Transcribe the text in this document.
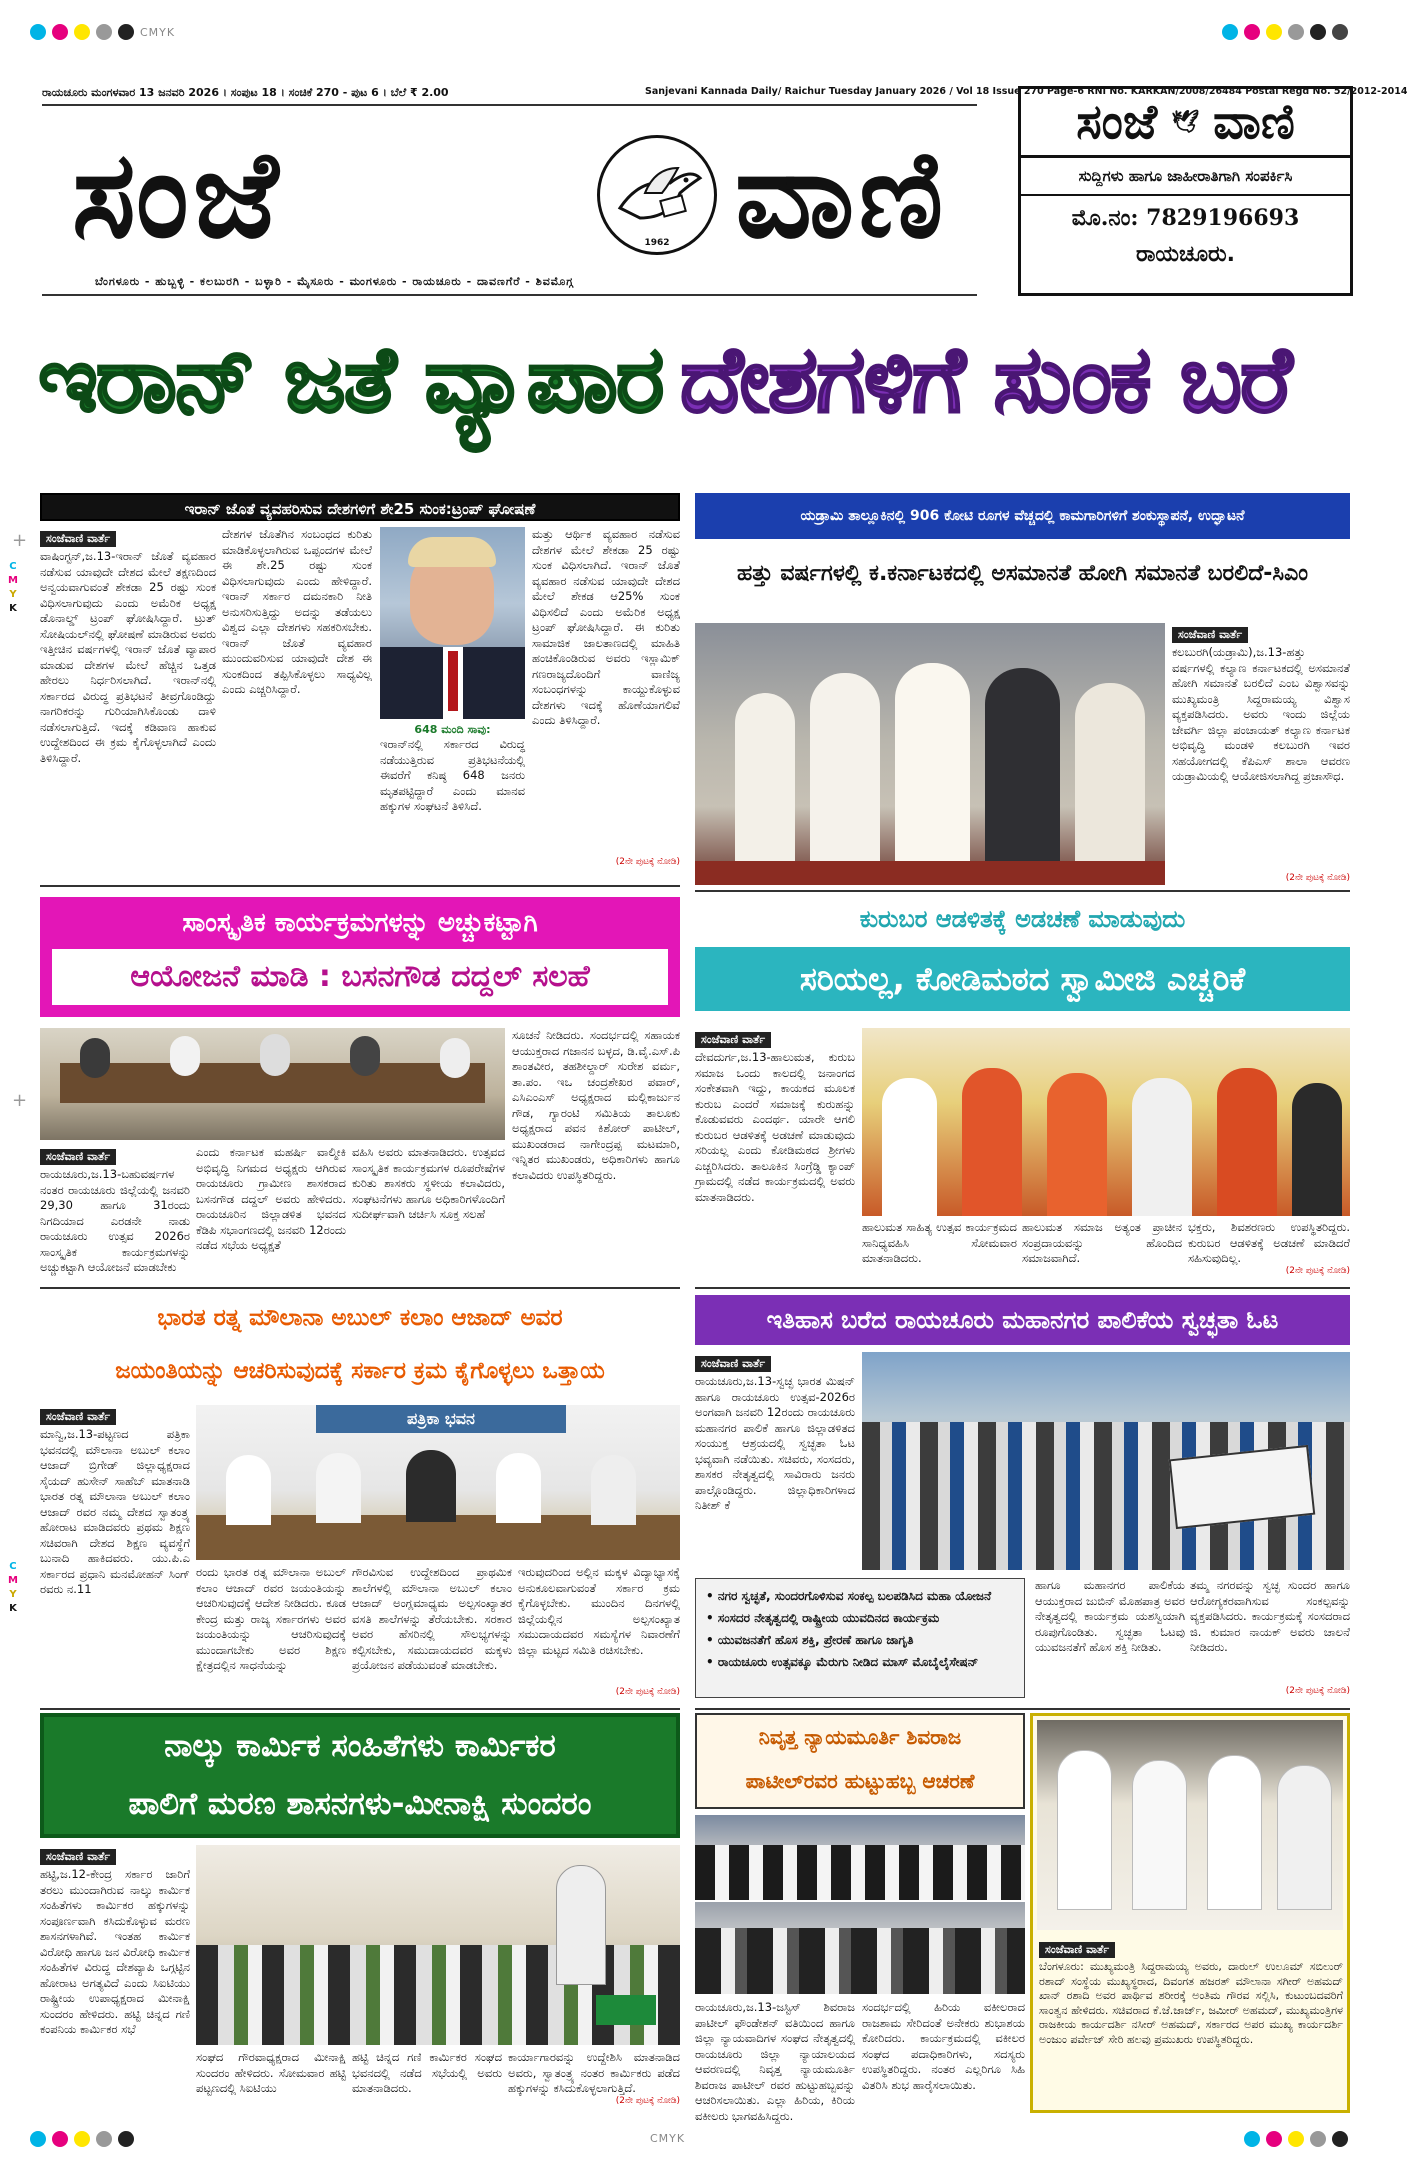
CMYK
CMYK
C
M
Y
K
C
M
Y
K
ರಾಯಚೂರು ಮಂಗಳವಾರ 13 ಜನವರಿ 2026 । ಸಂಪುಟ 18 । ಸಂಚಿಕೆ 270 - ಪುಟ 6 । ಬೆಲೆ ₹ 2.00	Sanjevani Kannada Daily/ Raichur Tuesday January 2026 / Vol 18 Issue 270 Page-6 RNI No. KARKAN/2008/26484 Postal Regd No. 52/2012-2014
ಸಂಜೆ	1962 ವಾಣಿ
ಬೆಂಗಳೂರು - ಹುಬ್ಬಳ್ಳಿ - ಕಲಬುರಗಿ - ಬಳ್ಳಾರಿ - ಮೈಸೂರು - ಮಂಗಳೂರು - ರಾಯಚೂರು - ದಾವಣಗೆರೆ - ಶಿವಮೊಗ್ಗ
ಸಂಜೆ 🕊 ವಾಣಿ
ಸುದ್ದಿಗಳು ಹಾಗೂ ಜಾಹೀರಾತಿಗಾಗಿ ಸಂಪರ್ಕಿಸಿ
ಮೊ.ನಂ: 7829196693
ರಾಯಚೂರು.
ಇರಾನ್ ಜತೆ ವ್ಯಾಪಾರ ದೇಶಗಳಿಗೆ ಸುಂಕ ಬರೆ
ಇರಾನ್ ಜೊತೆ ವ್ಯವಹರಿಸುವ ದೇಶಗಳಿಗೆ ಶೇ25 ಸುಂಕ:ಟ್ರಂಪ್ ಘೋಷಣೆ
ಸಂಜೆವಾಣಿ ವಾರ್ತೆ
ವಾಷಿಂಗ್ಟನ್,ಜ.13-ಇರಾನ್ ಜೊತೆ ವ್ಯವಹಾರ ನಡೆಸುವ ಯಾವುದೇ ದೇಶದ ಮೇಲೆ ತಕ್ಷಣದಿಂದ ಅನ್ವಯವಾಗುವಂತೆ ಶೇಕಡಾ 25 ರಷ್ಟು ಸುಂಕ ವಿಧಿಸಲಾಗುವುದು ಎಂದು ಅಮೆರಿಕ ಅಧ್ಯಕ್ಷ ಡೊನಾಲ್ಡ್ ಟ್ರಂಪ್ ಘೋಷಿಸಿದ್ದಾರೆ. ಟ್ರುತ್ ಸೋಷಿಯಲ್‌ನಲ್ಲಿ ಘೋಷಣೆ ಮಾಡಿರುವ ಅವರು ಇತ್ತೀಚಿನ ವರ್ಷಗಳಲ್ಲಿ ಇರಾನ್ ಜೊತೆ ವ್ಯಾಪಾರ ಮಾಡುವ ದೇಶಗಳ ಮೇಲೆ ಹೆಚ್ಚಿನ ಒತ್ತಡ ಹೇರಲು ನಿರ್ಧರಿಸಲಾಗಿದೆ. ಇರಾನ್‌ನಲ್ಲಿ ಸರ್ಕಾರದ ವಿರುದ್ಧ ಪ್ರತಿಭಟನೆ ತೀವ್ರಗೊಂಡಿದ್ದು ನಾಗರಿಕರನ್ನು ಗುರಿಯಾಗಿಸಿಕೊಂಡು ದಾಳಿ ನಡೆಸಲಾಗುತ್ತಿದೆ. ಇದಕ್ಕೆ ಕಡಿವಾಣ ಹಾಕುವ ಉದ್ದೇಶದಿಂದ ಈ ಕ್ರಮ ಕೈಗೊಳ್ಳಲಾಗಿದೆ ಎಂದು ತಿಳಿಸಿದ್ದಾರೆ.
ದೇಶಗಳ ಜೊತೆಗಿನ ಸಂಬಂಧದ ಕುರಿತು ಮಾಡಿಕೊಳ್ಳಲಾಗಿರುವ ಒಪ್ಪಂದಗಳ ಮೇಲೆ ಈ ಶೇ.25 ರಷ್ಟು ಸುಂಕ ವಿಧಿಸಲಾಗುವುದು ಎಂದು ಹೇಳಿದ್ದಾರೆ. ಇರಾನ್ ಸರ್ಕಾರ ದಮನಕಾರಿ ನೀತಿ ಅನುಸರಿಸುತ್ತಿದ್ದು ಅದನ್ನು ತಡೆಯಲು ವಿಶ್ವದ ಎಲ್ಲಾ ದೇಶಗಳು ಸಹಕರಿಸಬೇಕು. ಇರಾನ್ ಜೊತೆ ವ್ಯವಹಾರ ಮುಂದುವರಿಸುವ ಯಾವುದೇ ದೇಶ ಈ ಸುಂಕದಿಂದ ತಪ್ಪಿಸಿಕೊಳ್ಳಲು ಸಾಧ್ಯವಿಲ್ಲ ಎಂದು ಎಚ್ಚರಿಸಿದ್ದಾರೆ.
648 ಮಂದಿ ಸಾವು:
ಇರಾನ್‌ನಲ್ಲಿ ಸರ್ಕಾರದ ವಿರುದ್ಧ ನಡೆಯುತ್ತಿರುವ ಪ್ರತಿಭಟನೆಯಲ್ಲಿ ಈವರೆಗೆ ಕನಿಷ್ಠ 648 ಜನರು ಮೃತಪಟ್ಟಿದ್ದಾರೆ ಎಂದು ಮಾನವ ಹಕ್ಕುಗಳ ಸಂಘಟನೆ ತಿಳಿಸಿದೆ.
ಮತ್ತು ಆರ್ಥಿಕ ವ್ಯವಹಾರ ನಡೆಸುವ ದೇಶಗಳ ಮೇಲೆ ಶೇಕಡಾ 25 ರಷ್ಟು ಸುಂಕ ವಿಧಿಸಲಾಗಿದೆ. ಇರಾನ್ ಜೊತೆ ವ್ಯವಹಾರ ನಡೆಸುವ ಯಾವುದೇ ದೇಶದ ಮೇಲೆ ಶೇಕಡ ಆ25% ಸುಂಕ ವಿಧಿಸಲಿದೆ ಎಂದು ಅಮೆರಿಕ ಅಧ್ಯಕ್ಷ ಟ್ರಂಪ್ ಘೋಷಿಸಿದ್ದಾರೆ. ಈ ಕುರಿತು ಸಾಮಾಜಿಕ ಜಾಲತಾಣದಲ್ಲಿ ಮಾಹಿತಿ ಹಂಚಿಕೊಂಡಿರುವ ಅವರು ಇಸ್ಲಾಮಿಕ್ ಗಣರಾಜ್ಯದೊಂದಿಗೆ ವಾಣಿಜ್ಯ ಸಂಬಂಧಗಳನ್ನು ಕಾಯ್ದುಕೊಳ್ಳುವ ದೇಶಗಳು ಇದಕ್ಕೆ ಹೊಣೆಯಾಗಲಿವೆ ಎಂದು ತಿಳಿಸಿದ್ದಾರೆ.
(2ನೇ ಪುಟಕ್ಕೆ ನೋಡಿ)
ಯಡ್ರಾಮಿ ತಾಲ್ಲೂಕಿನಲ್ಲಿ 906 ಕೋಟಿ ರೂಗಳ ವೆಚ್ಚದಲ್ಲಿ ಕಾಮಗಾರಿಗಳಿಗೆ ಶಂಕುಸ್ಥಾಪನೆ, ಉದ್ಘಾಟನೆ
ಹತ್ತು ವರ್ಷಗಳಲ್ಲಿ ಕ.ಕರ್ನಾಟಕದಲ್ಲಿ ಅಸಮಾನತೆ ಹೋಗಿ ಸಮಾನತೆ ಬರಲಿದೆ-ಸಿಎಂ
ಸಂಜೆವಾಣಿ ವಾರ್ತೆ
ಕಲಬುರಗಿ(ಯಡ್ರಾಮಿ),ಜ.13-ಹತ್ತು ವರ್ಷಗಳಲ್ಲಿ ಕಲ್ಯಾಣ ಕರ್ನಾಟಕದಲ್ಲಿ ಅಸಮಾನತೆ ಹೋಗಿ ಸಮಾನತೆ ಬರಲಿದೆ ಎಂಬ ವಿಶ್ವಾಸವನ್ನು ಮುಖ್ಯಮಂತ್ರಿ ಸಿದ್ದರಾಮಯ್ಯ ವಿಶ್ವಾಸ ವ್ಯಕ್ತಪಡಿಸಿದರು. ಅವರು ಇಂದು ಜಿಲ್ಲೆಯ ಜೇವರ್ಗಿ ಜಿಲ್ಲಾ ಪಂಚಾಯತ್ ಕಲ್ಯಾಣ ಕರ್ನಾಟಕ ಅಭಿವೃದ್ಧಿ ಮಂಡಳಿ ಕಲಬುರಗಿ ಇವರ ಸಹಯೋಗದಲ್ಲಿ ಕೆಪಿಎಸ್ ಶಾಲಾ ಆವರಣ ಯಡ್ರಾಮಿಯಲ್ಲಿ ಆಯೋಜಿಸಲಾಗಿದ್ದ ಪ್ರಜಾಸೌಧ.
(2ನೇ ಪುಟಕ್ಕೆ ನೋಡಿ)
ಸಾಂಸ್ಕೃತಿಕ ಕಾರ್ಯಕ್ರಮಗಳನ್ನು ಅಚ್ಚುಕಟ್ಟಾಗಿ
ಆಯೋಜನೆ ಮಾಡಿ : ಬಸನಗೌಡ ದದ್ದಲ್ ಸಲಹೆ
ಸೂಚನೆ ನೀಡಿದರು. ಸಂದರ್ಭದಲ್ಲಿ ಸಹಾಯಕ ಆಯುಕ್ತರಾದ ಗಜಾನನ ಬಳ್ಳದ, ಡಿ.ವೈ.ಎಸ್.ಪಿ ಶಾಂತವೀರ, ತಹಶೀಲ್ದಾರ್ ಸುರೇಶ ವರ್ಮ, ತಾ.ಪಂ. ಇಒ ಚಂದ್ರಶೇಖರ ಪವಾರ್, ಎಸಿಎಂಎಸ್ ಅಧ್ಯಕ್ಷರಾದ ಮಲ್ಲಿಕಾರ್ಜುನ ಗೌಡ, ಗ್ಯಾರಂಟಿ ಸಮಿತಿಯ ತಾಲೂಕು ಅಧ್ಯಕ್ಷರಾದ ಪವನ ಕಿಶೋರ್ ಪಾಟೀಲ್, ಮುಖಂಡರಾದ ನಾಗೇಂದ್ರಪ್ಪ ಮಟಮಾರಿ, ಇನ್ನಿತರ ಮುಖಂಡರು, ಅಧಿಕಾರಿಗಳು ಹಾಗೂ ಕಲಾವಿದರು ಉಪಸ್ಥಿತರಿದ್ದರು.
ಸಂಜೆವಾಣಿ ವಾರ್ತೆ
ರಾಯಚೂರು,ಜ.13-ಬಹುವರ್ಷಗಳ ನಂತರ ರಾಯಚೂರು ಜಿಲ್ಲೆಯಲ್ಲಿ ಜನವರಿ 29,30 ಹಾಗೂ 31ರಂದು ನಿಗದಿಯಾದ ಎರಡನೇ ನಾಡು ರಾಯಚೂರು ಉತ್ಸವ 2026ರ ಸಾಂಸ್ಕೃತಿಕ ಕಾರ್ಯಕ್ರಮಗಳನ್ನು ಅಚ್ಚುಕಟ್ಟಾಗಿ ಆಯೋಜನೆ ಮಾಡಬೇಕು
ಎಂದು ಕರ್ನಾಟಕ ಮಹರ್ಷಿ ವಾಲ್ಮೀಕಿ ಅಭಿವೃದ್ಧಿ ನಿಗಮದ ಅಧ್ಯಕ್ಷರು ಆಗಿರುವ ರಾಯಚೂರು ಗ್ರಾಮೀಣ ಶಾಸಕರಾದ ಬಸನಗೌಡ ದದ್ದಲ್ ಅವರು ಹೇಳಿದರು. ರಾಯಚೂರಿನ ಜಿಲ್ಲಾಡಳಿತ ಭವನದ ಕೆಡಿಪಿ ಸಭಾಂಗಣದಲ್ಲಿ ಜನವರಿ 12ರಂದು ನಡೆದ ಸಭೆಯ ಅಧ್ಯಕ್ಷತೆ
ವಹಿಸಿ ಅವರು ಮಾತನಾಡಿದರು. ಉತ್ಸವದ ಸಾಂಸ್ಕೃತಿಕ ಕಾರ್ಯಕ್ರಮಗಳ ರೂಪರೇಷೆಗಳ ಕುರಿತು ಶಾಸಕರು ಸ್ಥಳೀಯ ಕಲಾವಿದರು, ಸಂಘಟನೆಗಳು ಹಾಗೂ ಅಧಿಕಾರಿಗಳೊಂದಿಗೆ ಸುದೀರ್ಘವಾಗಿ ಚರ್ಚಿಸಿ ಸೂಕ್ತ ಸಲಹೆ
ಕುರುಬರ ಆಡಳಿತಕ್ಕೆ ಅಡಚಣೆ ಮಾಡುವುದು
ಸರಿಯಲ್ಲ, ಕೋಡಿಮಠದ ಸ್ವಾಮೀಜಿ ಎಚ್ಚರಿಕೆ
ಸಂಜೆವಾಣಿ ವಾರ್ತೆ
ದೇವದುರ್ಗ,ಜ.13-ಹಾಲುಮತ, ಕುರುಬ ಸಮಾಜ ಒಂದು ಕಾಲದಲ್ಲಿ ಜನಾಂಗದ ಸಂಕೇತವಾಗಿ ಇದ್ದು, ಕಾಯಕದ ಮೂಲಕ ಕುರುಬ ಎಂದರೆ ಸಮಾಜಕ್ಕೆ ಕುರುಹನ್ನು ಕೊಡುವವರು ಎಂದರ್ಥ. ಯಾರೇ ಆಗಲಿ ಕುರುಬರ ಆಡಳಿತಕ್ಕೆ ಅಡಚಣೆ ಮಾಡುವುದು ಸರಿಯಲ್ಲ ಎಂದು ಕೋಡಿಮಠದ ಶ್ರೀಗಳು ಎಚ್ಚರಿಸಿದರು. ತಾಲೂಕಿನ ಸಿಂಗ್ರೆಡ್ಡಿ ಕ್ಯಾಂಪ್ ಗ್ರಾಮದಲ್ಲಿ ನಡೆದ ಕಾರ್ಯಕ್ರಮದಲ್ಲಿ ಅವರು ಮಾತನಾಡಿದರು.
ಹಾಲುಮತ ಸಾಹಿತ್ಯ ಉತ್ಸವ ಕಾರ್ಯಕ್ರಮದ ಸಾನಿಧ್ಯವಹಿಸಿ ಸೋಮವಾರ ಮಾತನಾಡಿದರು.
ಹಾಲುಮತ ಸಮಾಜ ಅತ್ಯಂತ ಪ್ರಾಚೀನ ಸಂಪ್ರದಾಯವನ್ನು ಹೊಂದಿದ ಸಮಾಜವಾಗಿದೆ.
ಭಕ್ತರು, ಶಿವಶರಣರು ಉಪಸ್ಥಿತರಿದ್ದರು. ಕುರುಬರ ಆಡಳಿತಕ್ಕೆ ಅಡಚಣೆ ಮಾಡಿದರೆ ಸಹಿಸುವುದಿಲ್ಲ.
(2ನೇ ಪುಟಕ್ಕೆ ನೋಡಿ)
ಭಾರತ ರತ್ನ ಮೌಲಾನಾ ಅಬುಲ್ ಕಲಾಂ ಆಜಾದ್ ಅವರ
ಜಯಂತಿಯನ್ನು ಆಚರಿಸುವುದಕ್ಕೆ ಸರ್ಕಾರ ಕ್ರಮ ಕೈಗೊಳ್ಳಲು ಒತ್ತಾಯ
ಸಂಜೆವಾಣಿ ವಾರ್ತೆ
ಮಾನ್ವಿ,ಜ.13-ಪಟ್ಟಣದ ಪತ್ರಿಕಾ ಭವನದಲ್ಲಿ ಮೌಲಾನಾ ಅಬುಲ್ ಕಲಾಂ ಆಜಾದ್ ಬ್ರಿಗೇಡ್ ಜಿಲ್ಲಾಧ್ಯಕ್ಷರಾದ ಸೈಯದ್ ಹುಸೇನ್ ಸಾಹೆಬ್ ಮಾತನಾಡಿ ಭಾರತ ರತ್ನ ಮೌಲಾನಾ ಅಬುಲ್ ಕಲಾಂ ಆಜಾದ್ ರವರ ನಮ್ಮ ದೇಶದ ಸ್ವಾತಂತ್ರ್ಯ ಹೋರಾಟ ಮಾಡಿದವರು ಪ್ರಥಮ ಶಿಕ್ಷಣ ಸಚಿವರಾಗಿ ದೇಶದ ಶಿಕ್ಷಣ ವ್ಯವಸ್ಥೆಗೆ ಬುನಾದಿ ಹಾಕಿದವರು. ಯು.ಪಿ.ಎ ಸರ್ಕಾರದ ಪ್ರಧಾನಿ ಮನಮೋಹನ್ ಸಿಂಗ್ ರವರು ನ.11
ಪತ್ರಿಕಾ ಭವನ
ರಂದು ಭಾರತ ರತ್ನ ಮೌಲಾನಾ ಅಬುಲ್ ಕಲಾಂ ಆಜಾದ್ ರವರ ಜಯಂತಿಯನ್ನು ಆಚರಿಸುವುದಕ್ಕೆ ಆದೇಶ ನೀಡಿದರು. ಕೂಡ ಕೇಂದ್ರ ಮತ್ತು ರಾಜ್ಯ ಸರ್ಕಾರಗಳು ಅವರ ಜಯಂತಿಯನ್ನು ಆಚರಿಸುವುದಕ್ಕೆ ಮುಂದಾಗಬೇಕು ಅವರ ಶಿಕ್ಷಣ ಕ್ಷೇತ್ರದಲ್ಲಿನ ಸಾಧನೆಯನ್ನು
ಗೌರವಿಸುವ ಉದ್ದೇಶದಿಂದ ಪ್ರಾಥಮಿಕ ಶಾಲೆಗಳಲ್ಲಿ ಮೌಲಾನಾ ಅಬುಲ್ ಕಲಾಂ ಆಜಾದ್ ಅಂಗ್ಲಮಾಧ್ಯಮ ಅಲ್ಪಸಂಖ್ಯಾತರ ವಸತಿ ಶಾಲೆಗಳನ್ನು ತೆರೆಯಬೇಕು. ಸರಕಾರ ಅವರ ಹೆಸರಿನಲ್ಲಿ ಸೌಲಭ್ಯಗಳನ್ನು ಕಲ್ಪಿಸಬೇಕು, ಸಮುದಾಯದವರ ಮಕ್ಕಳು ಪ್ರಯೋಜನ ಪಡೆಯುವಂತೆ ಮಾಡಬೇಕು.
ಇರುವುದರಿಂದ ಅಲ್ಲಿನ ಮಕ್ಕಳ ವಿದ್ಯಾಭ್ಯಾಸಕ್ಕೆ ಅನುಕೂಲವಾಗುವಂತೆ ಸರ್ಕಾರ ಕ್ರಮ ಕೈಗೊಳ್ಳಬೇಕು. ಮುಂದಿನ ದಿನಗಳಲ್ಲಿ ಜಿಲ್ಲೆಯಲ್ಲಿನ ಅಲ್ಪಸಂಖ್ಯಾತ ಸಮುದಾಯದವರ ಸಮಸ್ಯೆಗಳ ನಿವಾರಣೆಗೆ ಜಿಲ್ಲಾ ಮಟ್ಟದ ಸಮಿತಿ ರಚಿಸಬೇಕು.
(2ನೇ ಪುಟಕ್ಕೆ ನೋಡಿ)
ಇತಿಹಾಸ ಬರೆದ ರಾಯಚೂರು ಮಹಾನಗರ ಪಾಲಿಕೆಯ ಸ್ವಚ್ಛತಾ ಓಟ
ಸಂಜೆವಾಣಿ ವಾರ್ತೆ
ರಾಯಚೂರು,ಜ.13-ಸ್ವಚ್ಛ ಭಾರತ ಮಿಷನ್ ಹಾಗೂ ರಾಯಚೂರು ಉತ್ಸವ-2026ರ ಅಂಗವಾಗಿ ಜನವರಿ 12ರಂದು ರಾಯಚೂರು ಮಹಾನಗರ ಪಾಲಿಕೆ ಹಾಗೂ ಜಿಲ್ಲಾಡಳಿತದ ಸಂಯುಕ್ತ ಆಶ್ರಯದಲ್ಲಿ ಸ್ವಚ್ಛತಾ ಓಟ ಭವ್ಯವಾಗಿ ನಡೆಯಿತು. ಸಚಿವರು, ಸಂಸದರು, ಶಾಸಕರ ನೇತೃತ್ವದಲ್ಲಿ ಸಾವಿರಾರು ಜನರು ಪಾಲ್ಗೊಂಡಿದ್ದರು. ಜಿಲ್ಲಾಧಿಕಾರಿಗಳಾದ ನಿತೀಶ್ ಕೆ
• ನಗರ ಸ್ವಚ್ಛತೆ, ಸುಂದರಗೊಳಿಸುವ ಸಂಕಲ್ಪ ಬಲಪಡಿಸಿದ ಮಹಾ ಯೋಜನೆ
• ಸಂಸದರ ನೇತೃತ್ವದಲ್ಲಿ ರಾಷ್ಟ್ರೀಯ ಯುವದಿನದ ಕಾರ್ಯಕ್ರಮ
• ಯುವಜನತೆಗೆ ಹೊಸ ಶಕ್ತಿ, ಪ್ರೇರಣೆ ಹಾಗೂ ಜಾಗೃತಿ
• ರಾಯಚೂರು ಉತ್ಸವಕ್ಕೂ ಮೆರುಗು ನೀಡಿದ ಮಾಸ್ ಮೊಬೈಲೈಸೇಷನ್
ಹಾಗೂ ಮಹಾನಗರ ಪಾಲಿಕೆಯ ಆಯುಕ್ತರಾದ ಜುಬಿನ್ ಮೊಹಪಾತ್ರ ಅವರ ನೇತೃತ್ವದಲ್ಲಿ ಕಾರ್ಯಕ್ರಮ ಯಶಸ್ವಿಯಾಗಿ ರೂಪುಗೊಂಡಿತು. ಸ್ವಚ್ಛತಾ ಓಟವು ಯುವಜನತೆಗೆ ಹೊಸ ಶಕ್ತಿ ನೀಡಿತು.
ತಮ್ಮ ನಗರವನ್ನು ಸ್ವಚ್ಛ ಸುಂದರ ಹಾಗೂ ಆರೋಗ್ಯಕರವಾಗಿಸುವ ಸಂಕಲ್ಪವನ್ನು ವ್ಯಕ್ತಪಡಿಸಿದರು. ಕಾರ್ಯಕ್ರಮಕ್ಕೆ ಸಂಸದರಾದ ಜಿ. ಕುಮಾರ ನಾಯಕ್ ಅವರು ಚಾಲನೆ ನೀಡಿದರು.
(2ನೇ ಪುಟಕ್ಕೆ ನೋಡಿ)
ನಾಲ್ಕು ಕಾರ್ಮಿಕ ಸಂಹಿತೆಗಳು ಕಾರ್ಮಿಕರ
ಪಾಲಿಗೆ ಮರಣ ಶಾಸನಗಳು-ಮೀನಾಕ್ಷಿ ಸುಂದರಂ
ಸಂಜೆವಾಣಿ ವಾರ್ತೆ
ಹಟ್ಟಿ,ಜ.12-ಕೇಂದ್ರ ಸರ್ಕಾರ ಜಾರಿಗೆ ತರಲು ಮುಂದಾಗಿರುವ ನಾಲ್ಕು ಕಾರ್ಮಿಕ ಸಂಹಿತೆಗಳು ಕಾರ್ಮಿಕರ ಹಕ್ಕುಗಳನ್ನು ಸಂಪೂರ್ಣವಾಗಿ ಕಸಿದುಕೊಳ್ಳುವ ಮರಣ ಶಾಸನಗಳಾಗಿವೆ. ಇಂತಹ ಕಾರ್ಮಿಕ ವಿರೋಧಿ ಹಾಗೂ ಜನ ವಿರೋಧಿ ಕಾರ್ಮಿಕ ಸಂಹಿತೆಗಳ ವಿರುದ್ಧ ದೇಶವ್ಯಾಪಿ ಒಗ್ಗಟ್ಟಿನ ಹೋರಾಟ ಅಗತ್ಯವಿದೆ ಎಂದು ಸಿಐಟಿಯು ರಾಷ್ಟ್ರೀಯ ಉಪಾಧ್ಯಕ್ಷರಾದ ಮೀನಾಕ್ಷಿ ಸುಂದರಂ ಹೇಳಿದರು. ಹಟ್ಟಿ ಚಿನ್ನದ ಗಣಿ ಕಂಪನಿಯ ಕಾರ್ಮಿಕರ ಸಭೆ
ಸಂಘದ ಗೌರವಾಧ್ಯಕ್ಷರಾದ ಮೀನಾಕ್ಷಿ ಸುಂದರಂ ಹೇಳಿದರು. ಸೋಮವಾರ ಹಟ್ಟಿ ಪಟ್ಟಣದಲ್ಲಿ ಸಿಐಟಿಯು
ಹಟ್ಟಿ ಚಿನ್ನದ ಗಣಿ ಕಾರ್ಮಿಕರ ಸಂಘದ ಭವನದಲ್ಲಿ ನಡೆದ ಸಭೆಯಲ್ಲಿ ಅವರು ಮಾತನಾಡಿದರು.
ಕಾರ್ಯಾಗಾರವನ್ನು ಉದ್ದೇಶಿಸಿ ಮಾತನಾಡಿದ ಅವರು, ಸ್ವಾತಂತ್ರ್ಯ ನಂತರ ಕಾರ್ಮಿಕರು ಪಡೆದ ಹಕ್ಕುಗಳನ್ನು ಕಸಿದುಕೊಳ್ಳಲಾಗುತ್ತಿದೆ.
(2ನೇ ಪುಟಕ್ಕೆ ನೋಡಿ)
ನಿವೃತ್ತ ನ್ಯಾಯಮೂರ್ತಿ ಶಿವರಾಜ
ಪಾಟೀಲ್‌ರವರ ಹುಟ್ಟುಹಬ್ಬ ಆಚರಣೆ
ರಾಯಚೂರು,ಜ.13-ಜಸ್ಟಿಸ್ ಶಿವರಾಜ ಪಾಟೀಲ್ ಫೌಂಡೇಶನ್ ವತಿಯಿಂದ ಹಾಗೂ ಜಿಲ್ಲಾ ನ್ಯಾಯವಾದಿಗಳ ಸಂಘದ ನೇತೃತ್ವದಲ್ಲಿ ರಾಯಚೂರು ಜಿಲ್ಲಾ ನ್ಯಾಯಾಲಯದ ಆವರಣದಲ್ಲಿ ನಿವೃತ್ತ ನ್ಯಾಯಮೂರ್ತಿ ಶಿವರಾಜ ಪಾಟೀಲ್ ರವರ ಹುಟ್ಟುಹಬ್ಬವನ್ನು ಆಚರಿಸಲಾಯಿತು. ಎಲ್ಲಾ ಹಿರಿಯ, ಕಿರಿಯ ವಕೀಲರು ಭಾಗವಹಿಸಿದ್ದರು.
ಸಂದರ್ಭದಲ್ಲಿ ಹಿರಿಯ ವಕೀಲರಾದ ರಾಜಶಾಮ ಸೇರಿದಂತೆ ಅನೇಕರು ಶುಭಾಶಯ ಕೋರಿದರು. ಕಾರ್ಯಕ್ರಮದಲ್ಲಿ ವಕೀಲರ ಸಂಘದ ಪದಾಧಿಕಾರಿಗಳು, ಸದಸ್ಯರು ಉಪಸ್ಥಿತರಿದ್ದರು. ನಂತರ ಎಲ್ಲರಿಗೂ ಸಿಹಿ ವಿತರಿಸಿ ಶುಭ ಹಾರೈಸಲಾಯಿತು.
ಸಂಜೆವಾಣಿ ವಾರ್ತೆ
ಬೆಂಗಳೂರು: ಮುಖ್ಯಮಂತ್ರಿ ಸಿದ್ದರಾಮಯ್ಯ ಅವರು, ದಾರುಲ್ ಉಲೂಮ್ ಸಬಿಲುರ್ ರಶಾದ್ ಸಂಸ್ಥೆಯ ಮುಖ್ಯಸ್ಥರಾದ, ದಿವಂಗತ ಹಜರತ್ ಮೌಲಾನಾ ಸಗೀರ್ ಅಹಮದ್ ಖಾನ್ ರಶಾದಿ ಅವರ ಪಾರ್ಥಿವ ಶರೀರಕ್ಕೆ ಅಂತಿಮ ಗೌರವ ಸಲ್ಲಿಸಿ, ಕುಟುಂಬದವರಿಗೆ ಸಾಂತ್ವನ ಹೇಳಿದರು. ಸಚಿವರಾದ ಕೆ.ಜೆ.ಜಾರ್ಜ್, ಜಮೀರ್ ಅಹಮದ್, ಮುಖ್ಯಮಂತ್ರಿಗಳ ರಾಜಕೀಯ ಕಾರ್ಯದರ್ಶಿ ನಸೀರ್ ಅಹಮದ್, ಸರ್ಕಾರದ ಅಪರ ಮುಖ್ಯ ಕಾರ್ಯದರ್ಶಿ ಅಂಜುಂ ಪರ್ವೇಜ್ ಸೇರಿ ಹಲವು ಪ್ರಮುಖರು ಉಪಸ್ಥಿತರಿದ್ದರು.
+
+
